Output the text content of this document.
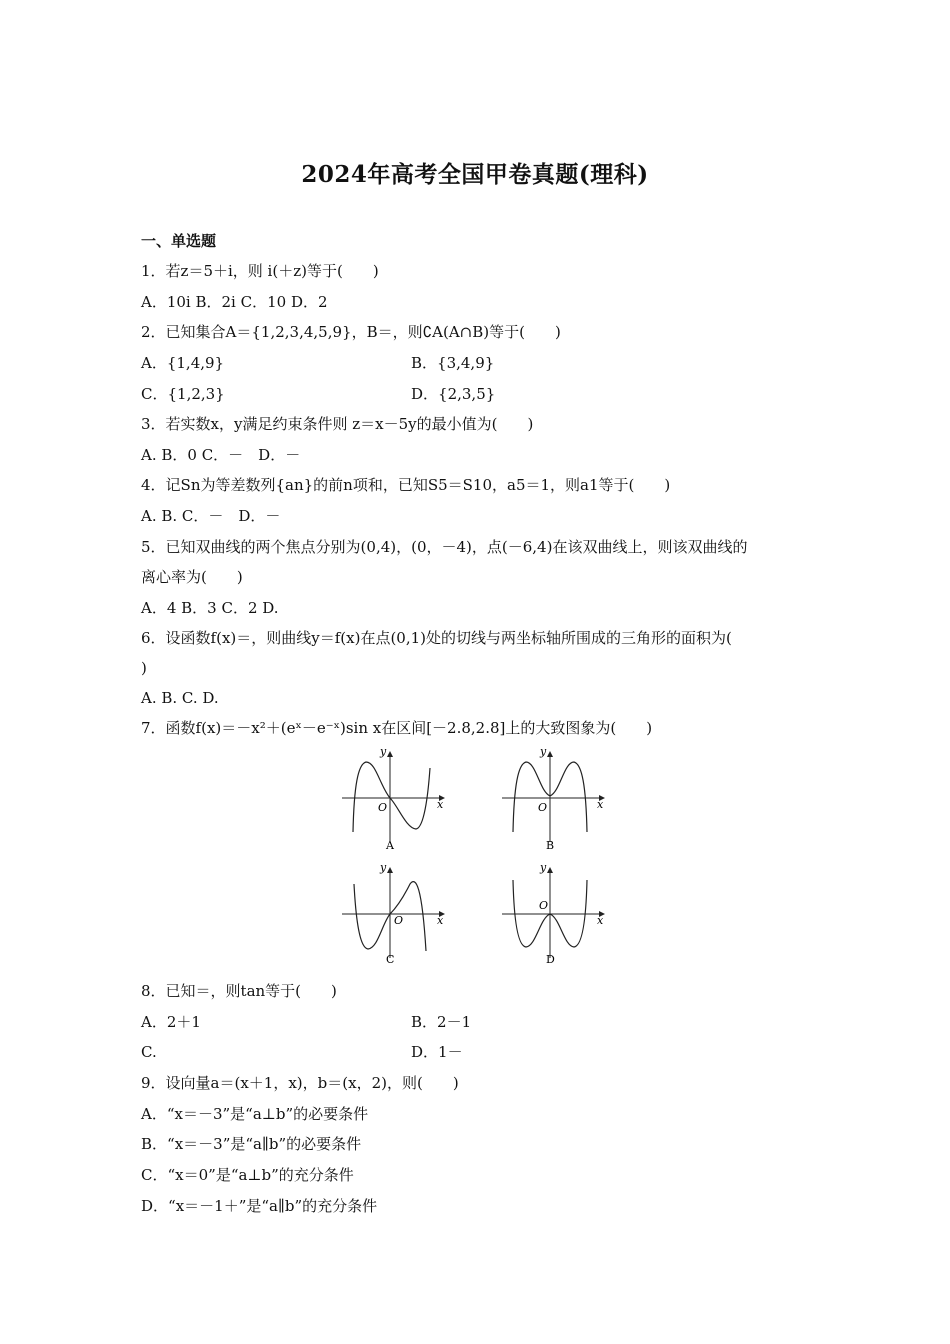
2024年高考全国甲卷真题(理科)
一、单选题
1．若z＝5＋i，则 i(＋z)等于(　　)
A．10i B．2i C．10 D．2
2．已知集合A＝{1,2,3,4,5,9}，B＝，则∁A(A∩B)等于(　　)
A．{1,4,9}	B．{3,4,9}
C．{1,2,3}	D．{2,3,5}
3．若实数x，y满足约束条件则 z＝x－5y的最小值为(　　)
A. B．0 C．－　D．－
4．记Sn为等差数列{an}的前n项和，已知S5＝S10，a5＝1，则a1等于(　　)
A. B. C．－　D．－
5．已知双曲线的两个焦点分别为(0,4)，(0，－4)，点(－6,4)在该双曲线上，则该双曲线的
离心率为(　　)
A．4 B．3 C．2 D.
6．设函数f(x)＝，则曲线y＝f(x)在点(0,1)处的切线与两坐标轴所围成的三角形的面积为(
)
A. B. C. D.
7．函数f(x)＝－x²＋(eˣ－e⁻ˣ)sin x在区间[－2.8,2.8]上的大致图象为(　　)
y
x
O
A
y
x
O
B
y
x
O
C
y
x
O
D
8．已知＝，则tan等于(　　)
A．2＋1	B．2－1
C.	D．1－
9．设向量a＝(x＋1，x)，b＝(x，2)，则(　　)
A．“x＝－3”是“a⊥b”的必要条件
B．“x＝－3”是“a∥b”的必要条件
C．“x＝0”是“a⊥b”的充分条件
D．“x＝－1＋”是“a∥b”的充分条件
